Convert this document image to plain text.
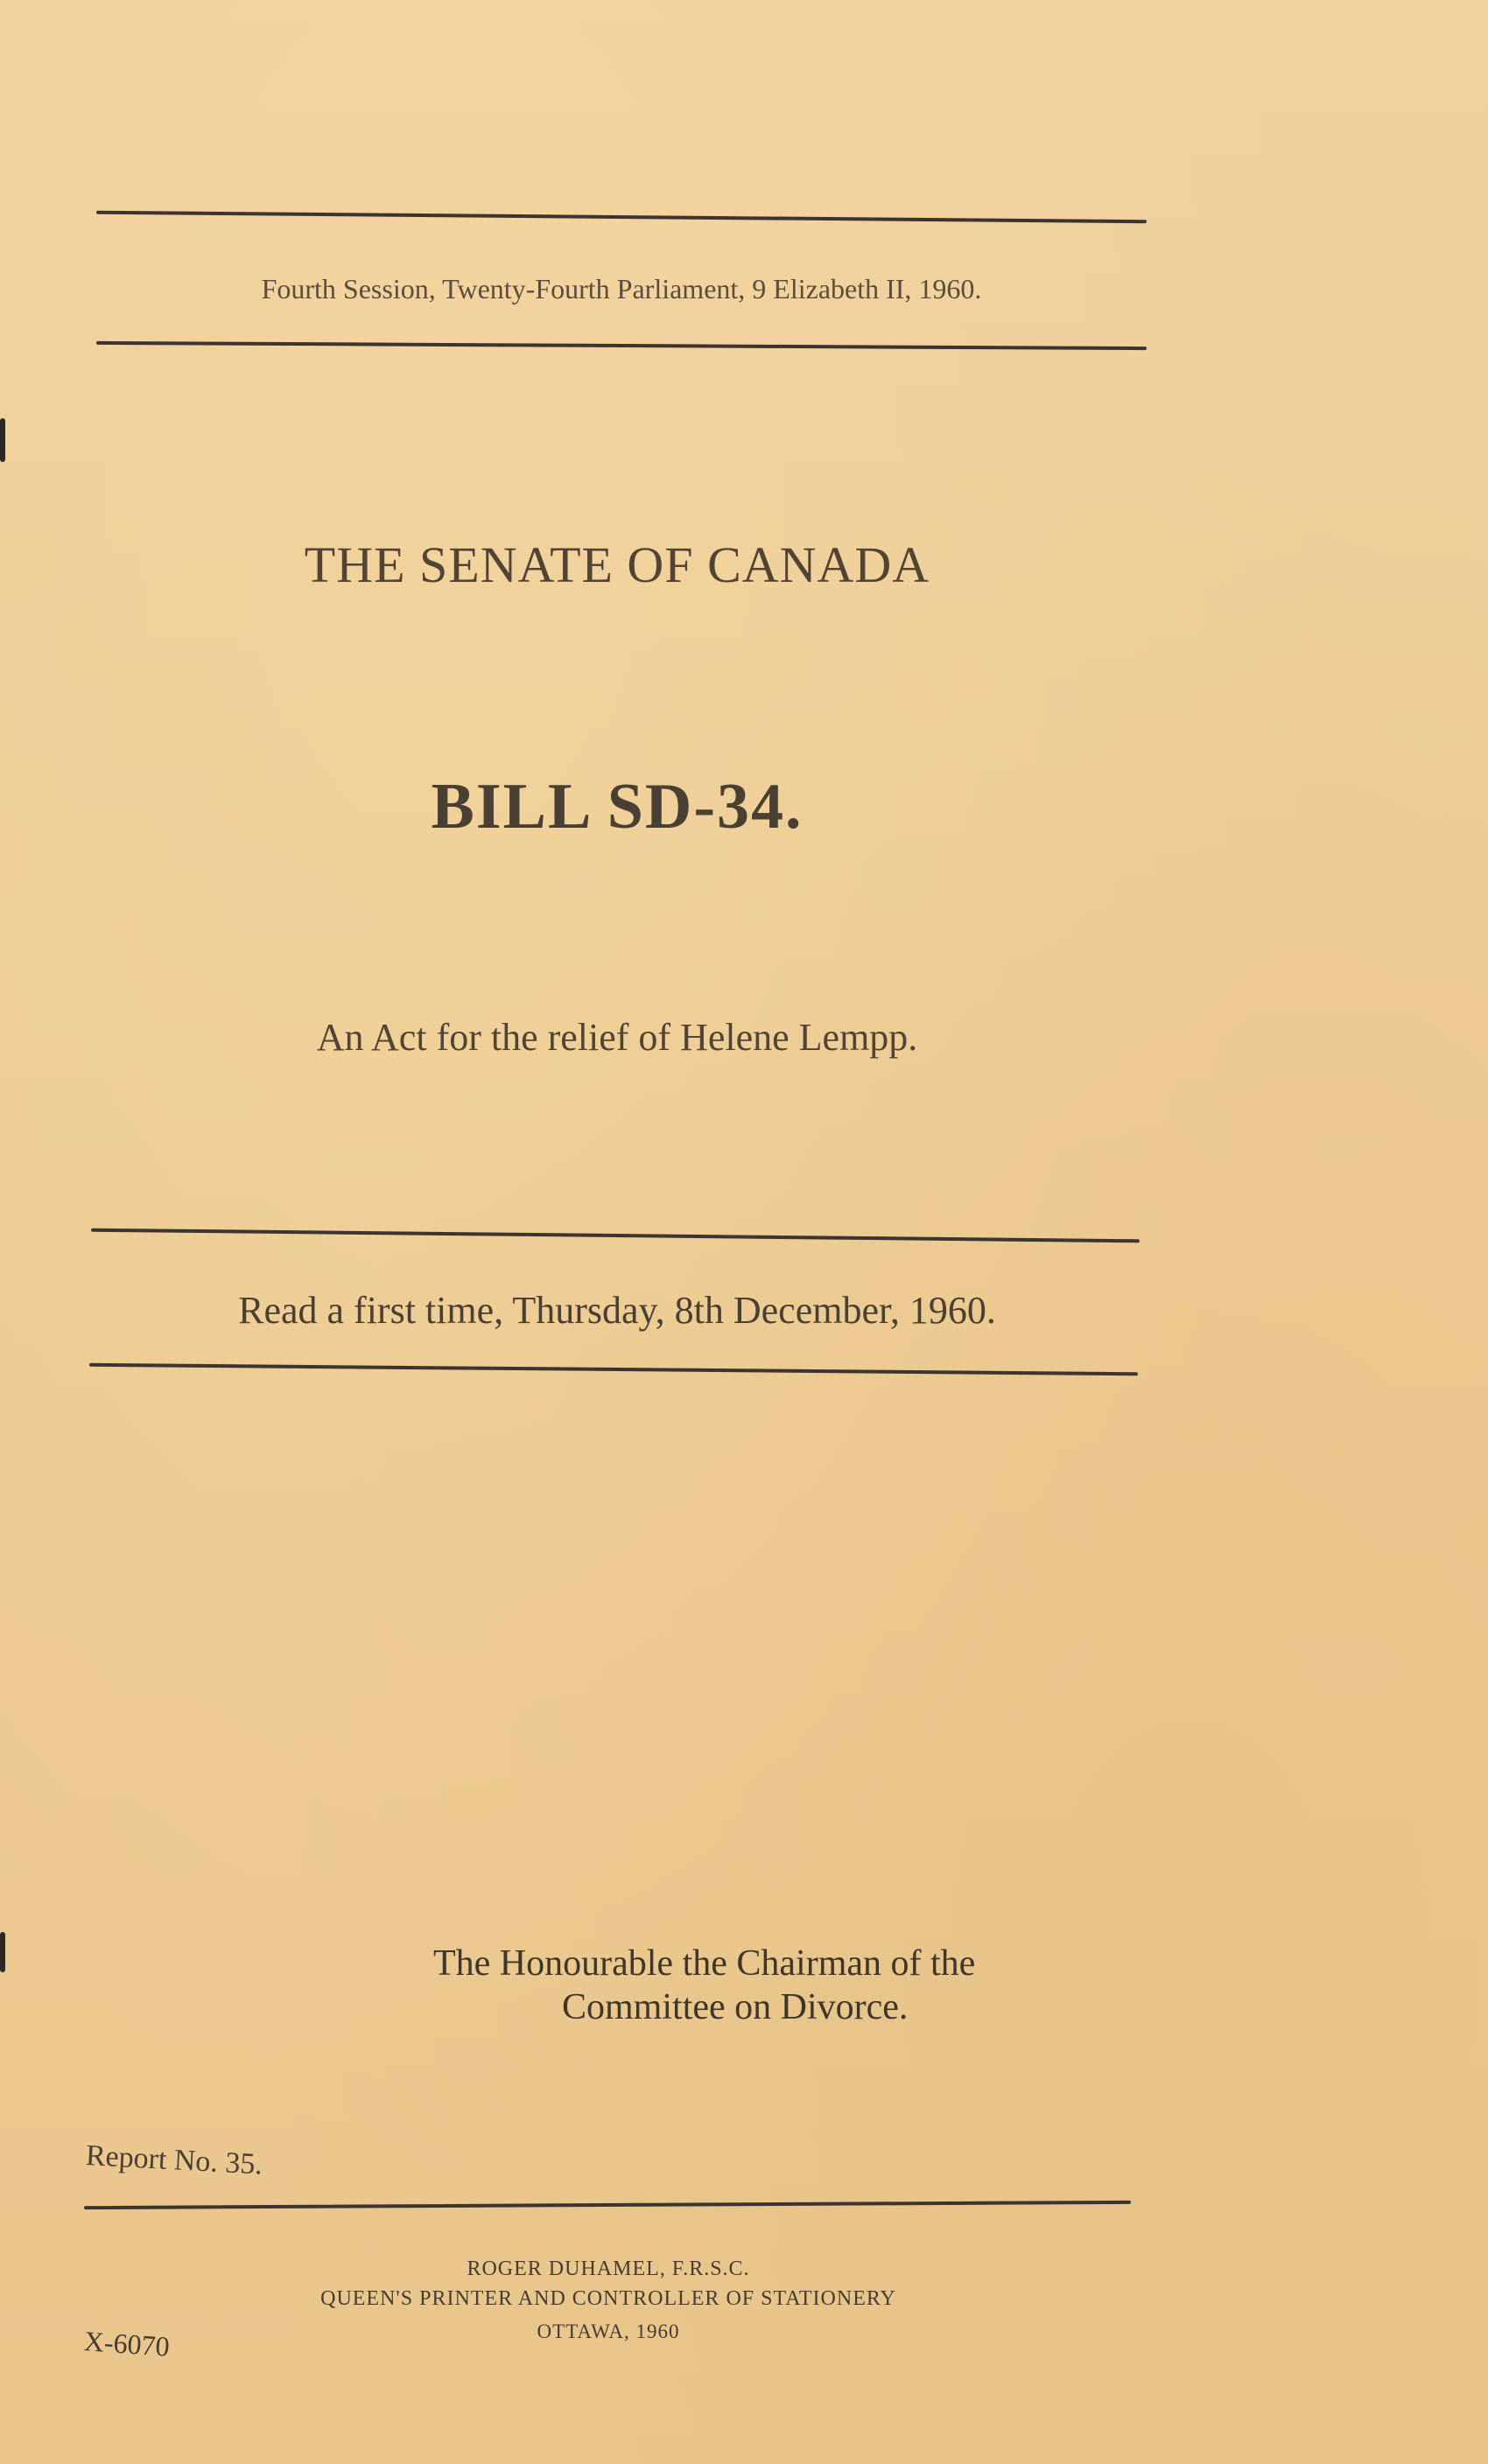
Fourth Session, Twenty-Fourth Parliament, 9 Elizabeth II, 1960.
THE SENATE OF CANADA
BILL SD-34.
An Act for the relief of Helene Lempp.
Read a first time, Thursday, 8th December, 1960.
The Honourable the Chairman of the
Committee on Divorce.
Report No. 35.
ROGER DUHAMEL, F.R.S.C.
QUEEN'S PRINTER AND CONTROLLER OF STATIONERY
OTTAWA, 1960
X-6070
